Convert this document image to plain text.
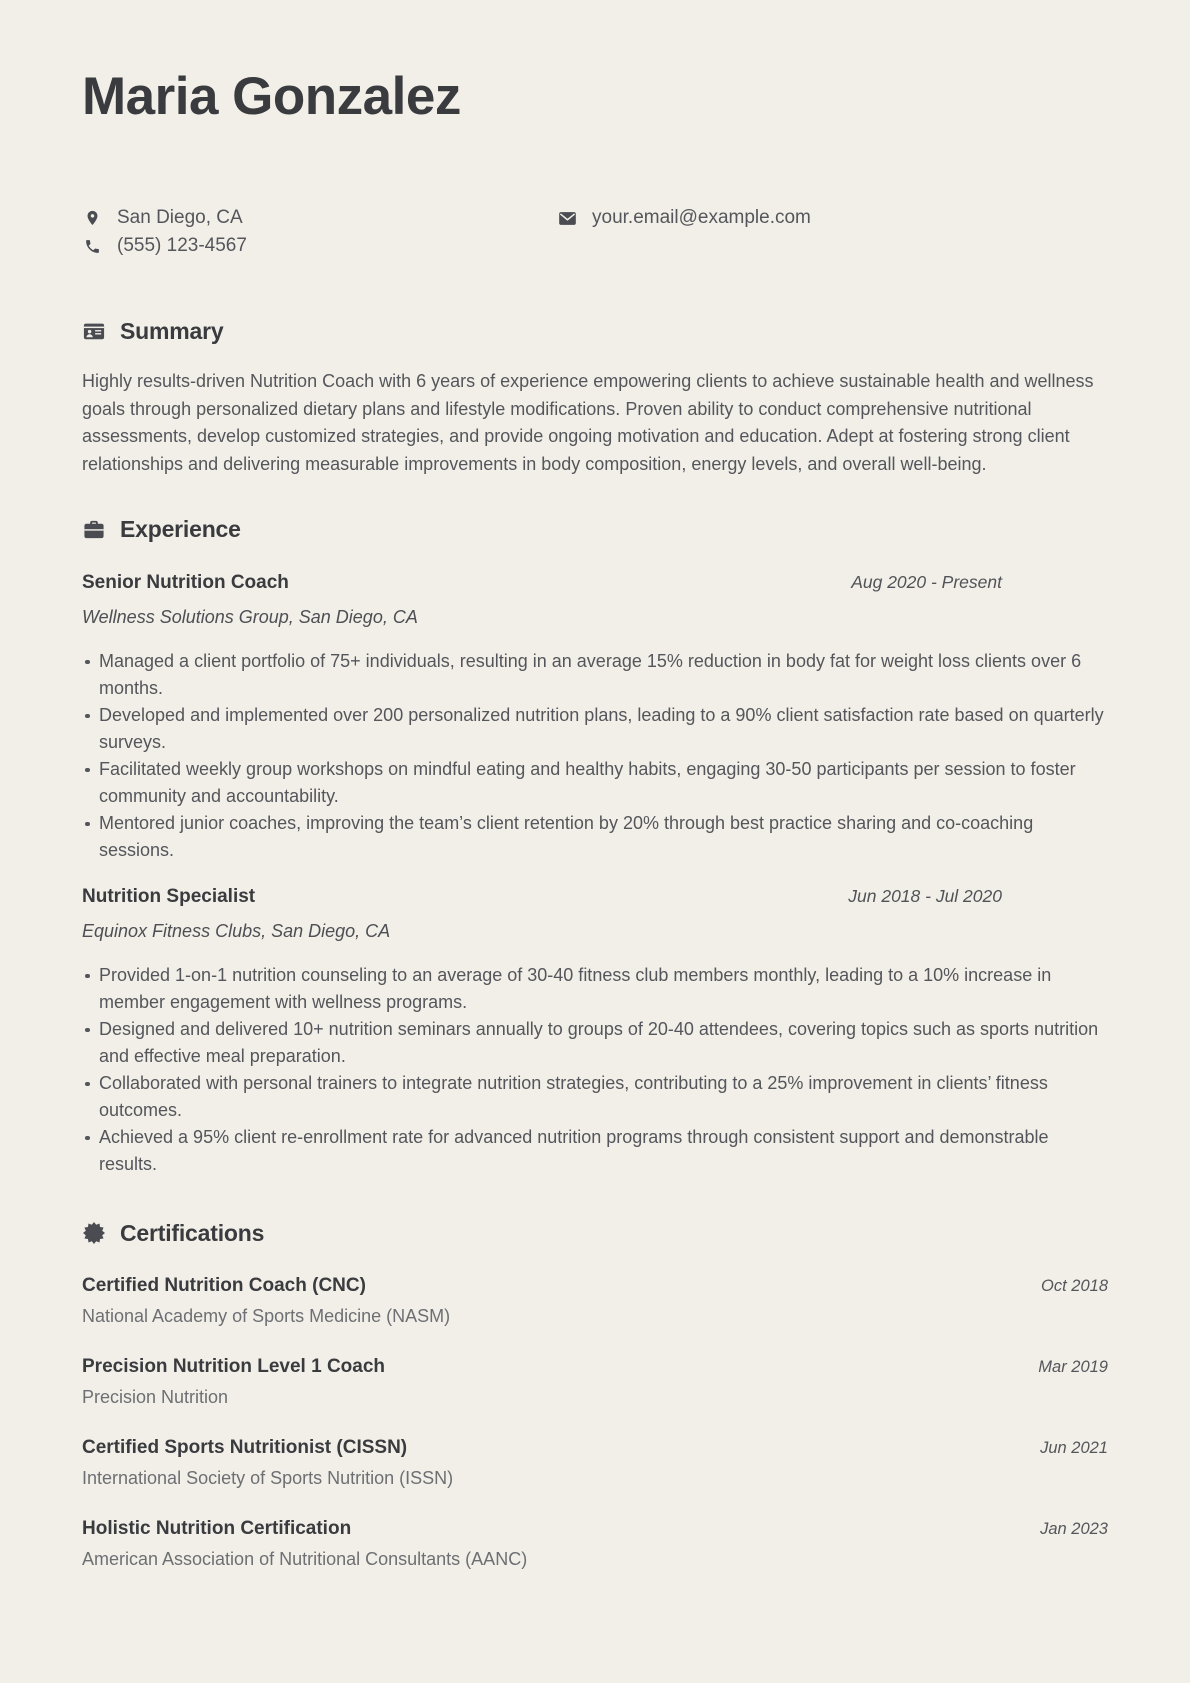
Maria Gonzalez
San Diego, CA
(555) 123-4567
your.email@example.com
Summary

Highly results-driven Nutrition Coach with 6 years of experience empowering clients to achieve sustainable health and wellness goals through personalized dietary plans and lifestyle modifications. Proven ability to conduct comprehensive nutritional assessments, develop customized strategies, and provide ongoing motivation and education. Adept at fostering strong client relationships and delivering measurable improvements in body composition, energy levels, and overall well-being.

Experience
Senior Nutrition Coach	Aug 2020 - Present
Wellness Solutions Group, San Diego, CA
Managed a client portfolio of 75+ individuals, resulting in an average 15% reduction in body fat for weight loss clients over 6 months.
Developed and implemented over 200 personalized nutrition plans, leading to a 90% client satisfaction rate based on quarterly surveys.
Facilitated weekly group workshops on mindful eating and healthy habits, engaging 30-50 participants per session to foster community and accountability.
Mentored junior coaches, improving the team’s client retention by 20% through best practice sharing and co-coaching sessions.
Nutrition Specialist	Jun 2018 - Jul 2020
Equinox Fitness Clubs, San Diego, CA
Provided 1-on-1 nutrition counseling to an average of 30-40 fitness club members monthly, leading to a 10% increase in member engagement with wellness programs.
Designed and delivered 10+ nutrition seminars annually to groups of 20-40 attendees, covering topics such as sports nutrition and effective meal preparation.
Collaborated with personal trainers to integrate nutrition strategies, contributing to a 25% improvement in clients’ fitness outcomes.
Achieved a 95% client re-enrollment rate for advanced nutrition programs through consistent support and demonstrable results.
Certifications
Certified Nutrition Coach (CNC)	Oct 2018
National Academy of Sports Medicine (NASM)
Precision Nutrition Level 1 Coach	Mar 2019
Precision Nutrition
Certified Sports Nutritionist (CISSN)	Jun 2021
International Society of Sports Nutrition (ISSN)
Holistic Nutrition Certification	Jan 2023
American Association of Nutritional Consultants (AANC)
